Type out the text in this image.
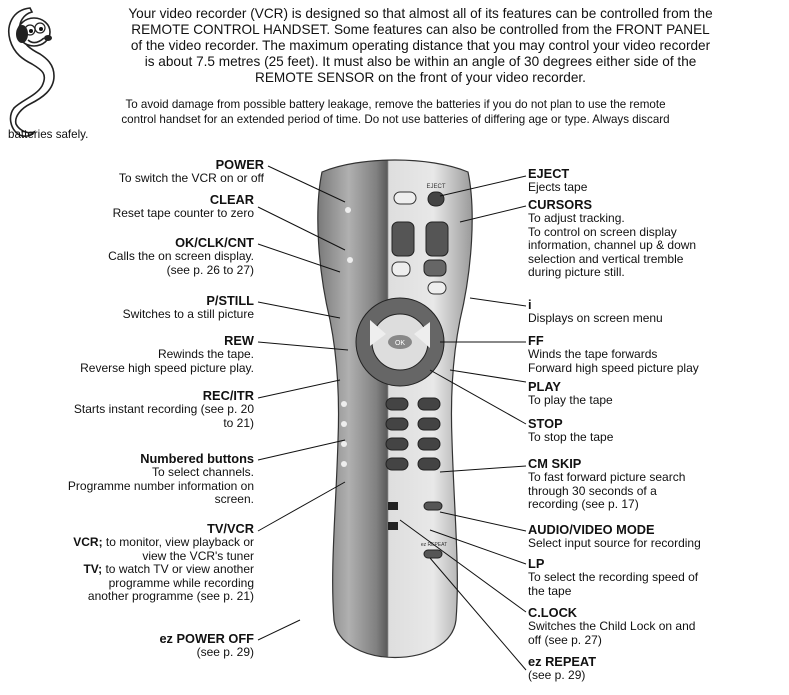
Your video recorder (VCR) is designed so that almost all of its features can be controlled from the
REMOTE CONTROL HANDSET. Some features can also be controlled from the FRONT PANEL
of the video recorder. The maximum operating distance that you may control your video recorder
is about 7.5 metres (25 feet). It must also be within an angle of 30 degrees either side of the
REMOTE SENSOR on the front of your video recorder.
To avoid damage from possible battery leakage, remove the batteries if you do not plan to use the remote
control handset for an extended period of time. Do not use batteries of differing age or type. Always discard
batteries safely.
EJECT
OK
ez REPEAT
POWER
To switch the VCR on or off
CLEAR
Reset tape counter to zero
OK/CLK/CNT
Calls the on screen display.
(see p. 26 to 27)
P/STILL
Switches to a still picture
REW
Rewinds the tape.
Reverse high speed picture play.
REC/ITR
Starts instant recording (see p. 20
to 21)
Numbered buttons
To select channels.
Programme number information on
screen.
TV/VCR
VCR; to monitor, view playback or
view the VCR's tuner
TV; to watch TV or view another
programme while recording
another programme (see p. 21)
ez POWER OFF
(see p. 29)
EJECT
Ejects tape
CURSORS
To adjust tracking.
To control on screen display
information, channel up & down
selection and vertical tremble
during picture still.
i
Displays on screen menu
FF
Winds the tape forwards
Forward high speed picture play
PLAY
To play the tape
STOP
To stop the tape
CM SKIP
To fast forward picture search
through 30 seconds of a
recording (see p. 17)
AUDIO/VIDEO MODE
Select input source for recording
LP
To select the recording speed of
the tape
C.LOCK
Switches the Child Lock on and
off (see p. 27)
ez REPEAT
(see p. 29)
